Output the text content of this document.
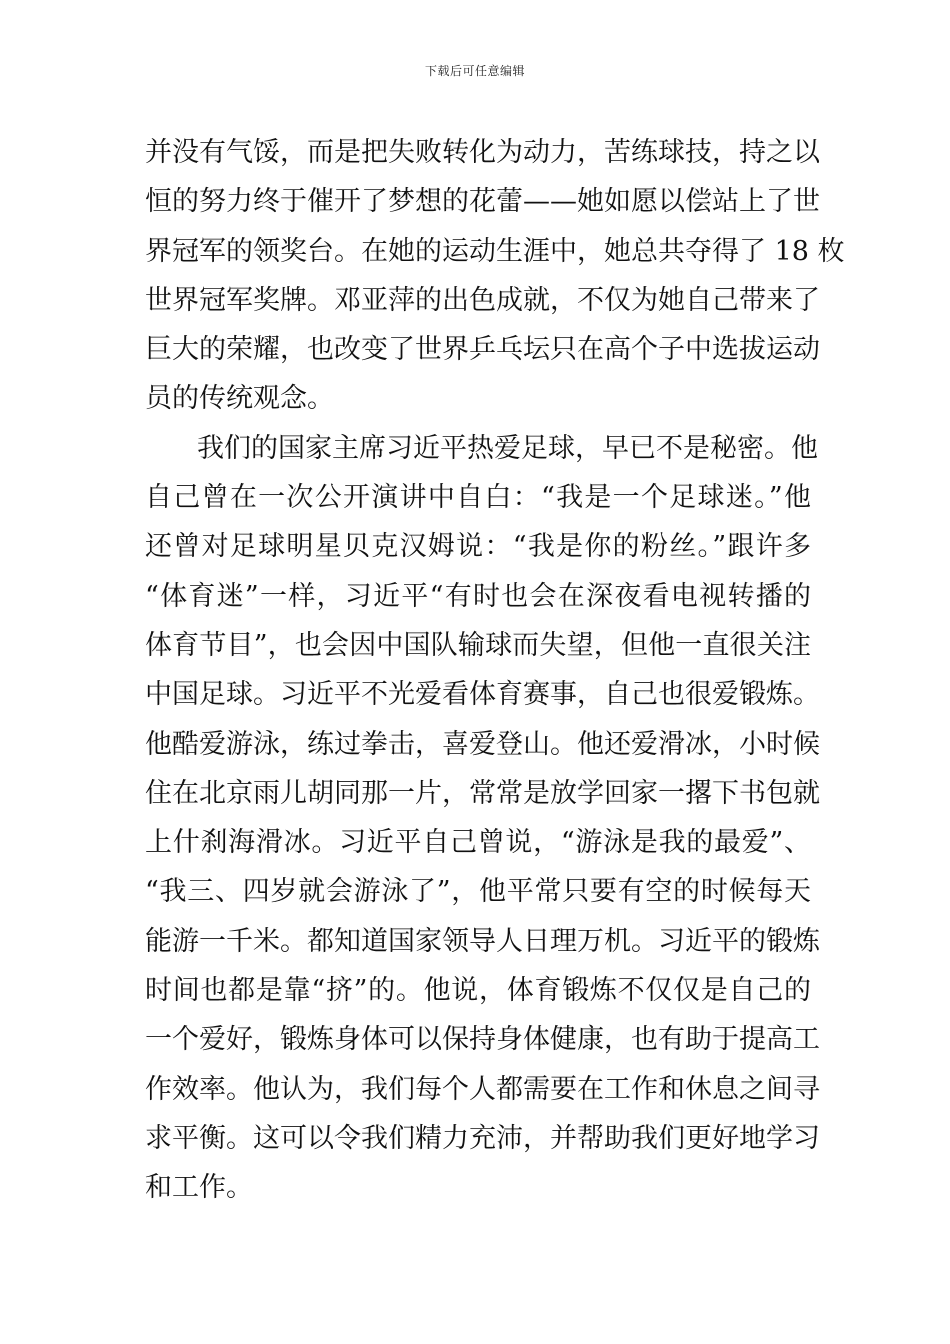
下载后可任意编辑
并没有气馁，而是把失败转化为动力，苦练球技，持之以
恒的努力终于催开了梦想的花蕾——她如愿以偿站上了世
界冠军的领奖台。在她的运动生涯中，她总共夺得了 18 枚
世界冠军奖牌。邓亚萍的出色成就，不仅为她自己带来了
巨大的荣耀，也改变了世界乒乓坛只在高个子中选拔运动
员的传统观念。
我们的国家主席习近平热爱足球，早已不是秘密。他
自己曾在一次公开演讲中自白：“我是一个足球迷。”他
还曾对足球明星贝克汉姆说：“我是你的粉丝。”跟许多
“体育迷”一样，习近平“有时也会在深夜看电视转播的
体育节目”，也会因中国队输球而失望，但他一直很关注
中国足球。习近平不光爱看体育赛事，自己也很爱锻炼。
他酷爱游泳，练过拳击，喜爱登山。他还爱滑冰，小时候
住在北京雨儿胡同那一片，常常是放学回家一撂下书包就
上什刹海滑冰。习近平自己曾说，“游泳是我的最爱”、
“我三、四岁就会游泳了”，他平常只要有空的时候每天
能游一千米。都知道国家领导人日理万机。习近平的锻炼
时间也都是靠“挤”的。他说，体育锻炼不仅仅是自己的
一个爱好，锻炼身体可以保持身体健康，也有助于提高工
作效率。他认为，我们每个人都需要在工作和休息之间寻
求平衡。这可以令我们精力充沛，并帮助我们更好地学习
和工作。
